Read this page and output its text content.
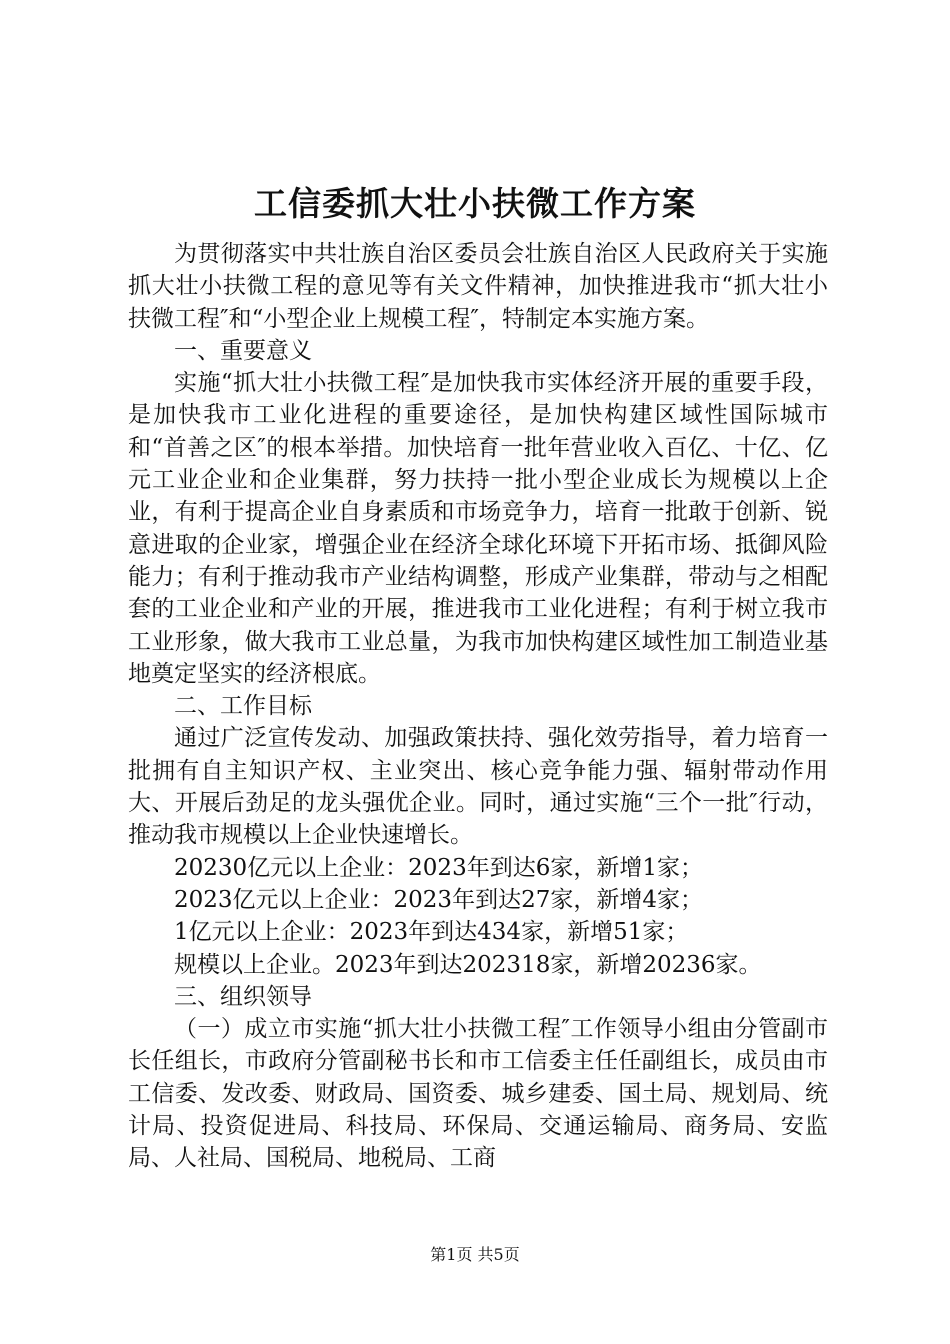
工信委抓大壮小扶微工作方案

为贯彻落实中共壮族自治区委员会壮族自治区人民政府关于实施抓大壮小扶微工程的意见等有关文件精神，加快推进我市“抓大壮小扶微工程″和“小型企业上规模工程″，特制定本实施方案。

一、重要意义

实施“抓大壮小扶微工程″是加快我市实体经济开展的重要手段，是加快我市工业化进程的重要途径，是加快构建区域性国际城市和“首善之区″的根本举措。加快培育一批年营业收入百亿、十亿、亿元工业企业和企业集群，努力扶持一批小型企业成长为规模以上企业，有利于提高企业自身素质和市场竞争力，培育一批敢于创新、锐意进取的企业家，增强企业在经济全球化环境下开拓市场、抵御风险能力；有利于推动我市产业结构调整，形成产业集群，带动与之相配套的工业企业和产业的开展，推进我市工业化进程；有利于树立我市工业形象，做大我市工业总量，为我市加快构建区域性加工制造业基地奠定坚实的经济根底。

二、工作目标

通过广泛宣传发动、加强政策扶持、强化效劳指导，着力培育一批拥有自主知识产权、主业突出、核心竞争能力强、辐射带动作用大、开展后劲足的龙头强优企业。同时，通过实施“三个一批″行动，推动我市规模以上企业快速增长。

20230亿元以上企业：2023年到达6家，新增1家；

2023亿元以上企业：2023年到达27家，新增4家；

1亿元以上企业：2023年到达434家，新增51家；

规模以上企业。2023年到达202318家，新增20236家。

三、组织领导

（一）成立市实施“抓大壮小扶微工程″工作领导小组由分管副市长任组长，市政府分管副秘书长和市工信委主任任副组长，成员由市工信委、发改委、财政局、国资委、城乡建委、国土局、规划局、统计局、投资促进局、科技局、环保局、交通运输局、商务局、安监局、人社局、国税局、地税局、工商

第1页 共5页
